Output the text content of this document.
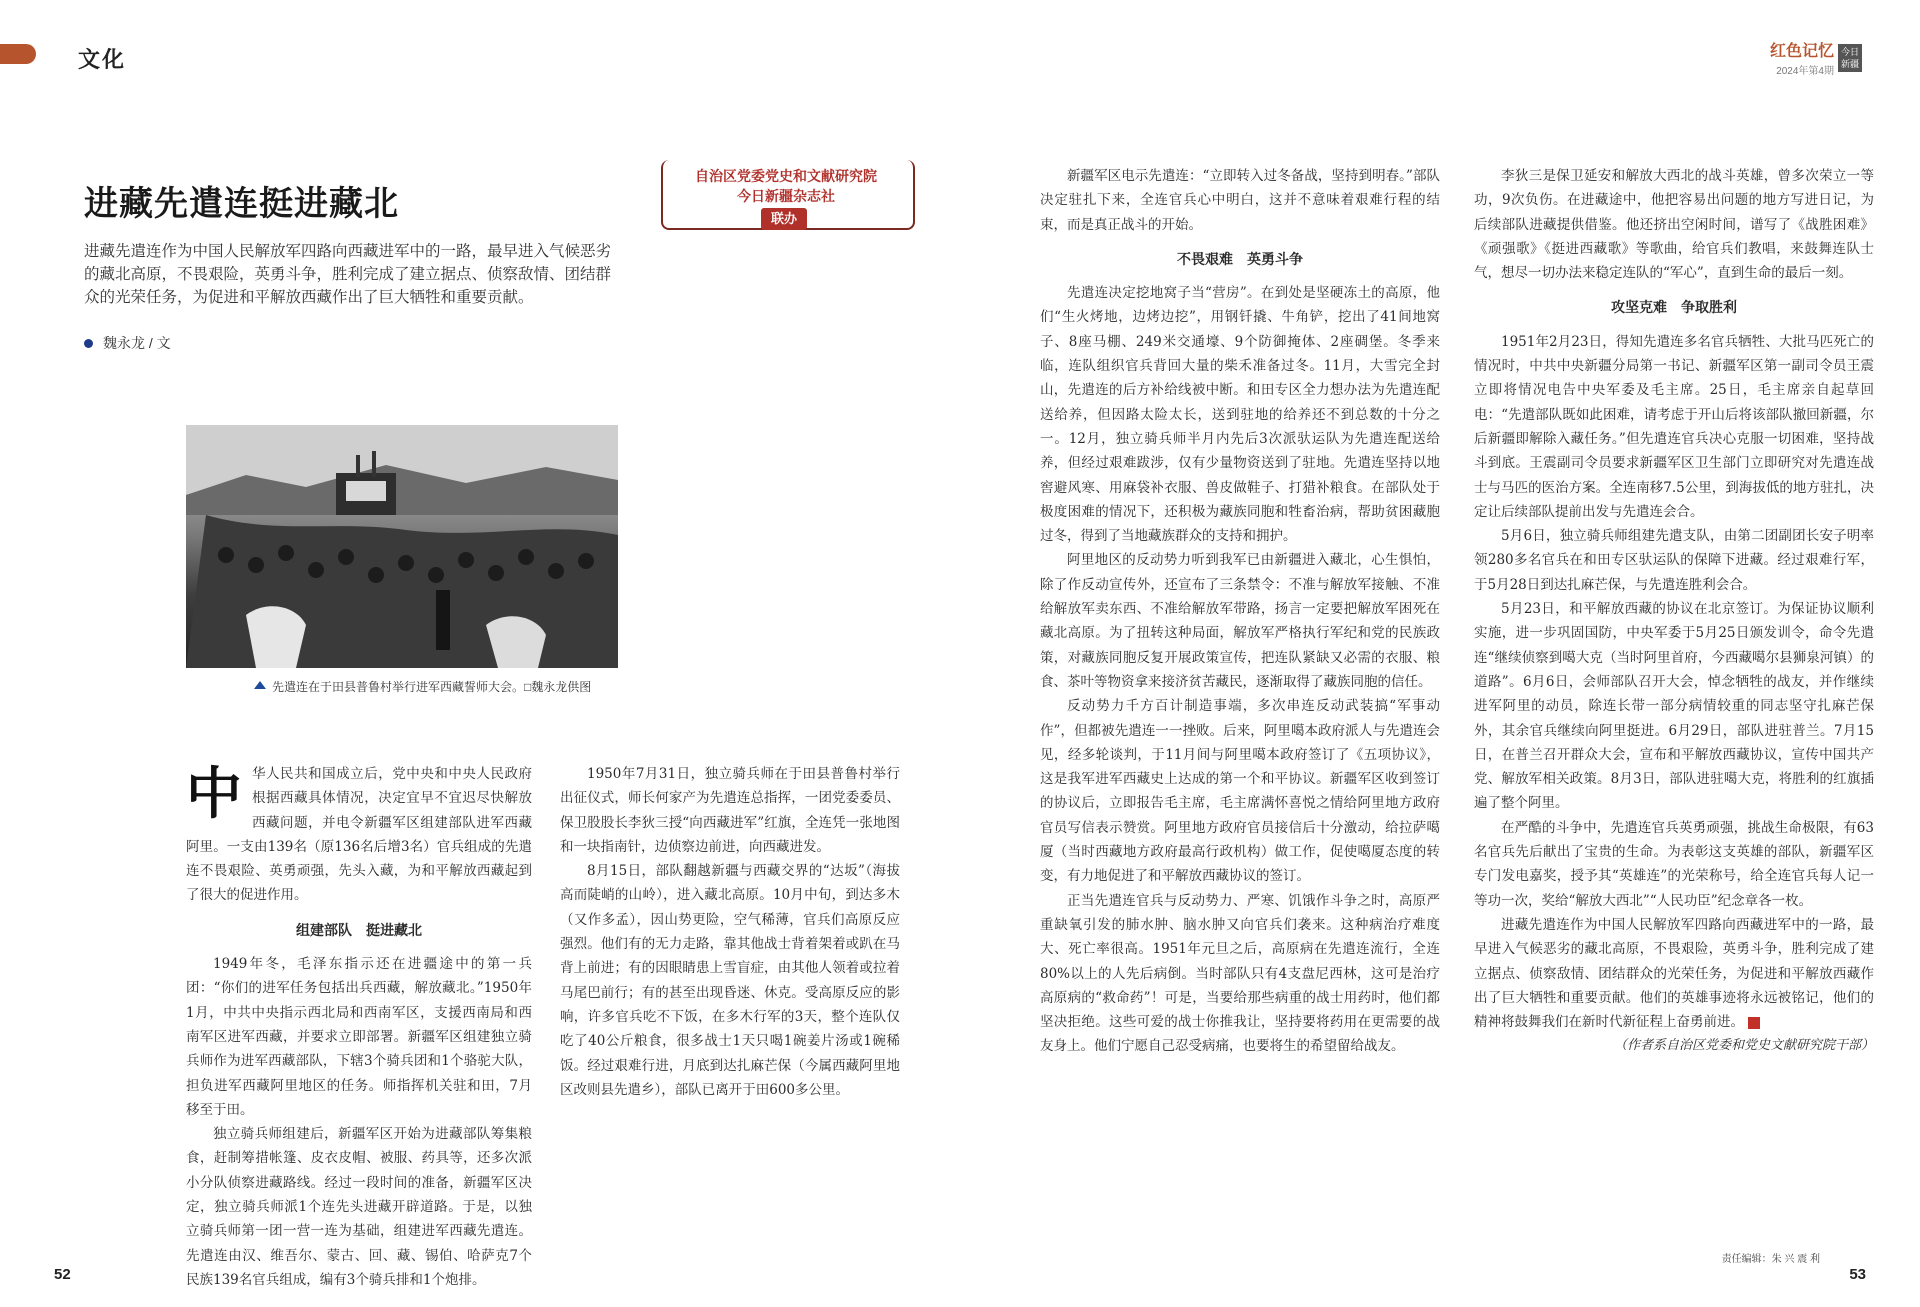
文化	红色记忆
2024年第4期
今日新疆
进藏先遣连挺进藏北
自治区党委党史和文献研究院
今日新疆杂志社
联办
进藏先遣连作为中国人民解放军四路向西藏进军中的一路，最早进入气候恶劣的藏北高原，不畏艰险，英勇斗争，胜利完成了建立据点、侦察敌情、团结群众的光荣任务，为促进和平解放西藏作出了巨大牺牲和重要贡献。
魏永龙 / 文
先遣连在于田县普鲁村举行进军西藏誓师大会。□魏永龙供图

中华人民共和国成立后，党中央和中央人民政府根据西藏具体情况，决定宜早不宜迟尽快解放西藏问题，并电令新疆军区组建部队进军西藏阿里。一支由139名（原136名后增3名）官兵组成的先遣连不畏艰险、英勇顽强，先头入藏，为和平解放西藏起到了很大的促进作用。

组建部队　挺进藏北

1949年冬，毛泽东指示还在进疆途中的第一兵团：“你们的进军任务包括出兵西藏，解放藏北。”1950年1月，中共中央指示西北局和西南军区，支援西南局和西南军区进军西藏，并要求立即部署。新疆军区组建独立骑兵师作为进军西藏部队，下辖3个骑兵团和1个骆驼大队，担负进军西藏阿里地区的任务。师指挥机关驻和田，7月移至于田。

独立骑兵师组建后，新疆军区开始为进藏部队筹集粮食，赶制筹措帐篷、皮衣皮帽、被服、药具等，还多次派小分队侦察进藏路线。经过一段时间的准备，新疆军区决定，独立骑兵师派1个连先头进藏开辟道路。于是，以独立骑兵师第一团一营一连为基础，组建进军西藏先遣连。先遣连由汉、维吾尔、蒙古、回、藏、锡伯、哈萨克7个民族139名官兵组成，编有3个骑兵排和1个炮排。

1950年7月31日，独立骑兵师在于田县普鲁村举行出征仪式，师长何家产为先遣连总指挥，一团党委委员、保卫股股长李狄三授“向西藏进军”红旗，全连凭一张地图和一块指南针，边侦察边前进，向西藏进发。

8月15日，部队翻越新疆与西藏交界的“达坂”（海拔高而陡峭的山岭），进入藏北高原。10月中旬，到达多木（又作多孟），因山势更险，空气稀薄，官兵们高原反应强烈。他们有的无力走路，靠其他战士背着架着或趴在马背上前进；有的因眼睛患上雪盲症，由其他人领着或拉着马尾巴前行；有的甚至出现昏迷、休克。受高原反应的影响，许多官兵吃不下饭，在多木行军的3天，整个连队仅吃了40公斤粮食，很多战士1天只喝1碗姜片汤或1碗稀饭。经过艰难行进，月底到达扎麻芒保（今属西藏阿里地区改则县先遣乡），部队已离开于田600多公里。

新疆军区电示先遣连：“立即转入过冬备战，坚持到明春。”部队决定驻扎下来，全连官兵心中明白，这并不意味着艰难行程的结束，而是真正战斗的开始。

不畏艰难　英勇斗争

先遣连决定挖地窝子当“营房”。在到处是坚硬冻土的高原，他们“生火烤地，边烤边挖”，用钢钎撬、牛角铲，挖出了41间地窝子、8座马棚、249米交通壕、9个防御掩体、2座碉堡。冬季来临，连队组织官兵背回大量的柴禾准备过冬。11月，大雪完全封山，先遣连的后方补给线被中断。和田专区全力想办法为先遣连配送给养，但因路太险太长，送到驻地的给养还不到总数的十分之一。12月，独立骑兵师半月内先后3次派驮运队为先遣连配送给养，但经过艰难跋涉，仅有少量物资送到了驻地。先遣连坚持以地窖避风寒、用麻袋补衣服、兽皮做鞋子、打猎补粮食。在部队处于极度困难的情况下，还积极为藏族同胞和牲畜治病，帮助贫困藏胞过冬，得到了当地藏族群众的支持和拥护。

阿里地区的反动势力听到我军已由新疆进入藏北，心生惧怕，除了作反动宣传外，还宣布了三条禁令：不准与解放军接触、不准给解放军卖东西、不准给解放军带路，扬言一定要把解放军困死在藏北高原。为了扭转这种局面，解放军严格执行军纪和党的民族政策，对藏族同胞反复开展政策宣传，把连队紧缺又必需的衣服、粮食、茶叶等物资拿来接济贫苦藏民，逐渐取得了藏族同胞的信任。

反动势力千方百计制造事端，多次串连反动武装搞“军事动作”，但都被先遣连一一挫败。后来，阿里噶本政府派人与先遣连会见，经多轮谈判，于11月间与阿里噶本政府签订了《五项协议》，这是我军进军西藏史上达成的第一个和平协议。新疆军区收到签订的协议后，立即报告毛主席，毛主席满怀喜悦之情给阿里地方政府官员写信表示赞赏。阿里地方政府官员接信后十分激动，给拉萨噶厦（当时西藏地方政府最高行政机构）做工作，促使噶厦态度的转变，有力地促进了和平解放西藏协议的签订。

正当先遣连官兵与反动势力、严寒、饥饿作斗争之时，高原严重缺氧引发的肺水肿、脑水肿又向官兵们袭来。这种病治疗难度大、死亡率很高。1951年元旦之后，高原病在先遣连流行，全连80%以上的人先后病倒。当时部队只有4支盘尼西林，这可是治疗高原病的“救命药”！可是，当要给那些病重的战士用药时，他们都坚决拒绝。这些可爱的战士你推我让，坚持要将药用在更需要的战友身上。他们宁愿自己忍受病痛，也要将生的希望留给战友。

李狄三是保卫延安和解放大西北的战斗英雄，曾多次荣立一等功，9次负伤。在进藏途中，他把容易出问题的地方写进日记，为后续部队进藏提供借鉴。他还挤出空闲时间，谱写了《战胜困难》《顽强歌》《挺进西藏歌》等歌曲，给官兵们教唱，来鼓舞连队士气，想尽一切办法来稳定连队的“军心”，直到生命的最后一刻。

攻坚克难　争取胜利

1951年2月23日，得知先遣连多名官兵牺牲、大批马匹死亡的情况时，中共中央新疆分局第一书记、新疆军区第一副司令员王震立即将情况电告中央军委及毛主席。25日，毛主席亲自起草回电：“先遣部队既如此困难，请考虑于开山后将该部队撤回新疆，尔后新疆即解除入藏任务。”但先遣连官兵决心克服一切困难，坚持战斗到底。王震副司令员要求新疆军区卫生部门立即研究对先遣连战士与马匹的医治方案。全连南移7.5公里，到海拔低的地方驻扎，决定让后续部队提前出发与先遣连会合。

5月6日，独立骑兵师组建先遣支队，由第二团副团长安子明率领280多名官兵在和田专区驮运队的保障下进藏。经过艰难行军，于5月28日到达扎麻芒保，与先遣连胜利会合。

5月23日，和平解放西藏的协议在北京签订。为保证协议顺利实施，进一步巩固国防，中央军委于5月25日颁发训令，命令先遣连“继续侦察到噶大克（当时阿里首府，今西藏噶尔县狮泉河镇）的道路”。6月6日，会师部队召开大会，悼念牺牲的战友，并作继续进军阿里的动员，除连长带一部分病情较重的同志坚守扎麻芒保外，其余官兵继续向阿里挺进。6月29日，部队进驻普兰。7月15日，在普兰召开群众大会，宣布和平解放西藏协议，宣传中国共产党、解放军相关政策。8月3日，部队进驻噶大克，将胜利的红旗插遍了整个阿里。

在严酷的斗争中，先遣连官兵英勇顽强，挑战生命极限，有63名官兵先后献出了宝贵的生命。为表彰这支英雄的部队，新疆军区专门发电嘉奖，授予其“英雄连”的光荣称号，给全连官兵每人记一等功一次，奖给“解放大西北”“人民功臣”纪念章各一枚。

进藏先遣连作为中国人民解放军四路向西藏进军中的一路，最早进入气候恶劣的藏北高原，不畏艰险，英勇斗争，胜利完成了建立据点、侦察敌情、团结群众的光荣任务，为促进和平解放西藏作出了巨大牺牲和重要贡献。他们的英雄事迹将永远被铭记，他们的精神将鼓舞我们在新时代新征程上奋勇前进。

（作者系自治区党委和党史文献研究院干部）

责任编辑：朱 兴 震 利
52	53
